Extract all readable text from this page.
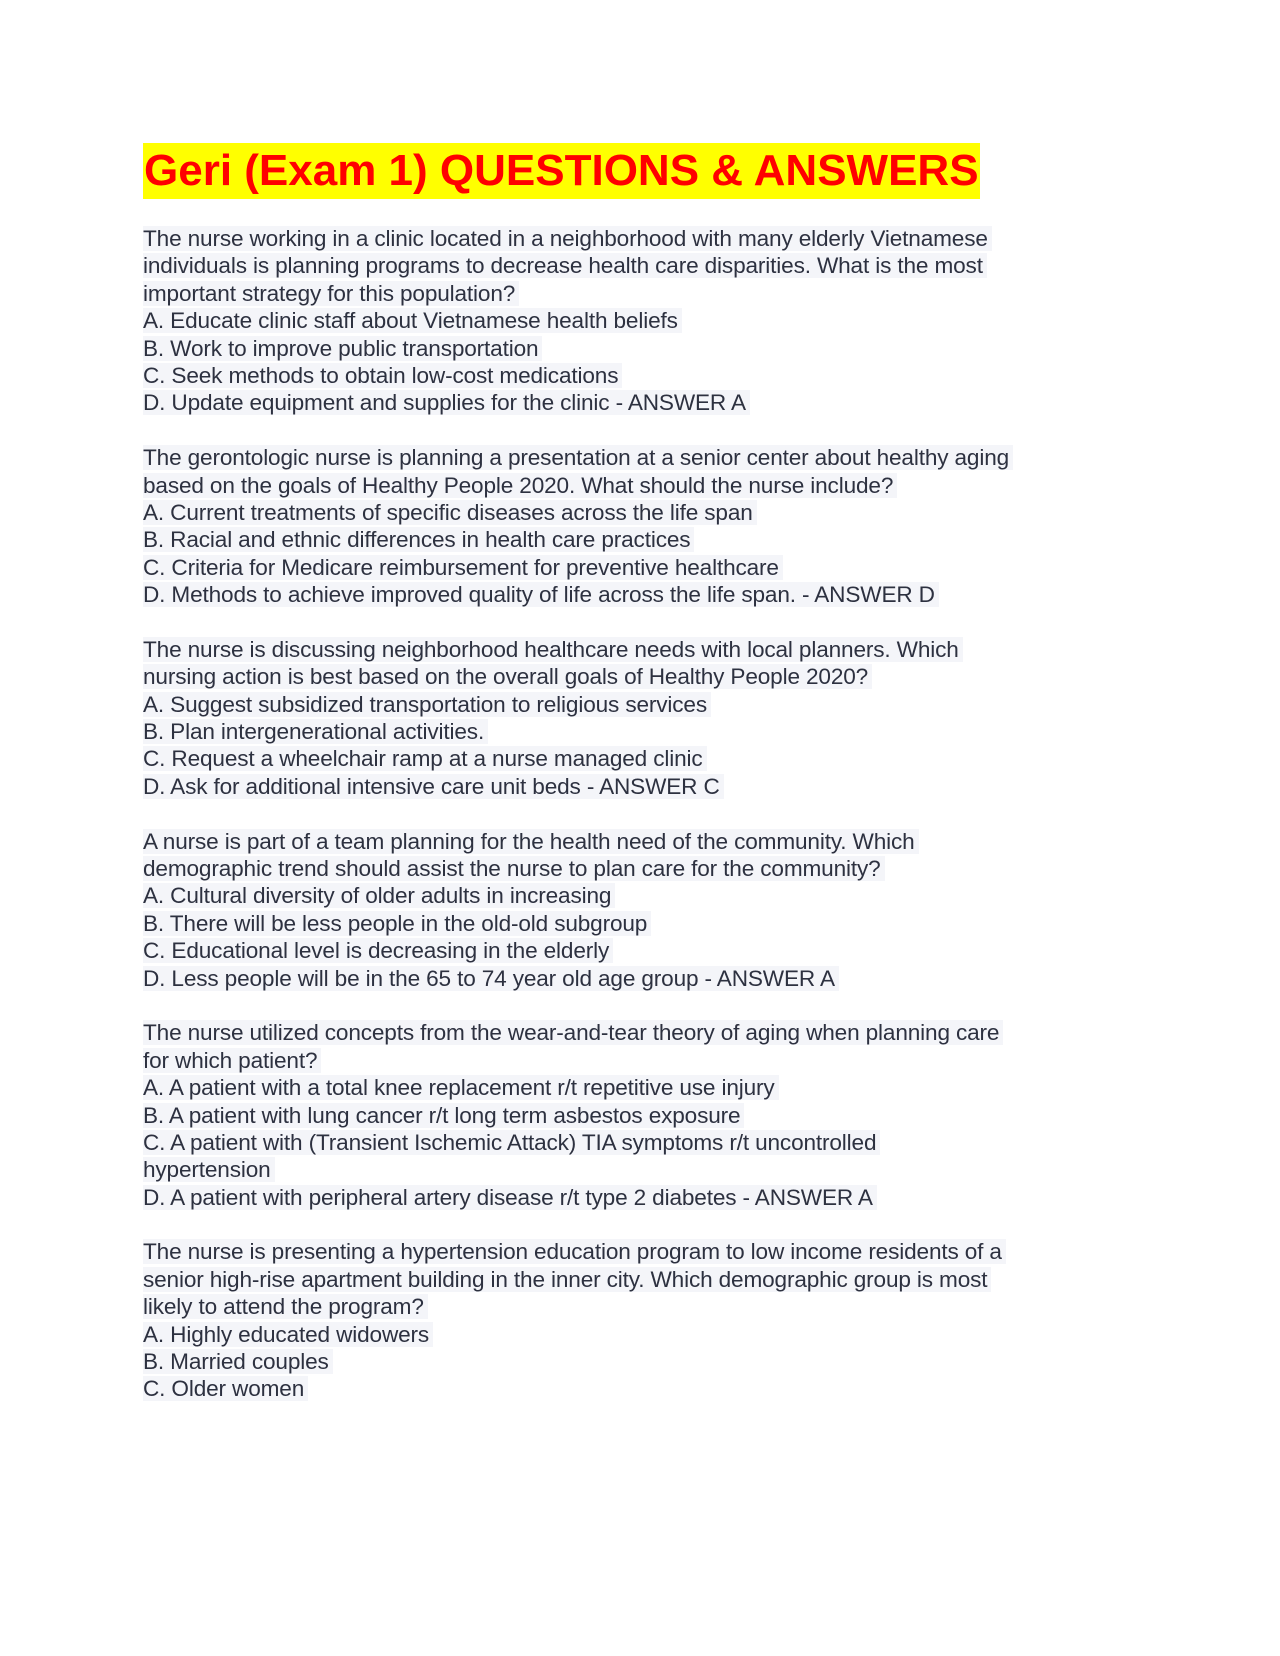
Geri (Exam 1) QUESTIONS & ANSWERS
The nurse working in a clinic located in a neighborhood with many elderly Vietnamese
individuals is planning programs to decrease health care disparities. What is the most
important strategy for this population?
A. Educate clinic staff about Vietnamese health beliefs
B. Work to improve public transportation
C. Seek methods to obtain low-cost medications
D. Update equipment and supplies for the clinic - ANSWER A
The gerontologic nurse is planning a presentation at a senior center about healthy aging
based on the goals of Healthy People 2020. What should the nurse include?
A. Current treatments of specific diseases across the life span
B. Racial and ethnic differences in health care practices
C. Criteria for Medicare reimbursement for preventive healthcare
D. Methods to achieve improved quality of life across the life span. - ANSWER D
The nurse is discussing neighborhood healthcare needs with local planners. Which
nursing action is best based on the overall goals of Healthy People 2020?
A. Suggest subsidized transportation to religious services
B. Plan intergenerational activities.
C. Request a wheelchair ramp at a nurse managed clinic
D. Ask for additional intensive care unit beds - ANSWER C
A nurse is part of a team planning for the health need of the community. Which
demographic trend should assist the nurse to plan care for the community?
A. Cultural diversity of older adults in increasing
B. There will be less people in the old-old subgroup
C. Educational level is decreasing in the elderly
D. Less people will be in the 65 to 74 year old age group - ANSWER A
The nurse utilized concepts from the wear-and-tear theory of aging when planning care
for which patient?
A. A patient with a total knee replacement r/t repetitive use injury
B. A patient with lung cancer r/t long term asbestos exposure
C. A patient with (Transient Ischemic Attack) TIA symptoms r/t uncontrolled
hypertension
D. A patient with peripheral artery disease r/t type 2 diabetes - ANSWER A
The nurse is presenting a hypertension education program to low income residents of a
senior high-rise apartment building in the inner city. Which demographic group is most
likely to attend the program?
A. Highly educated widowers
B. Married couples
C. Older women
